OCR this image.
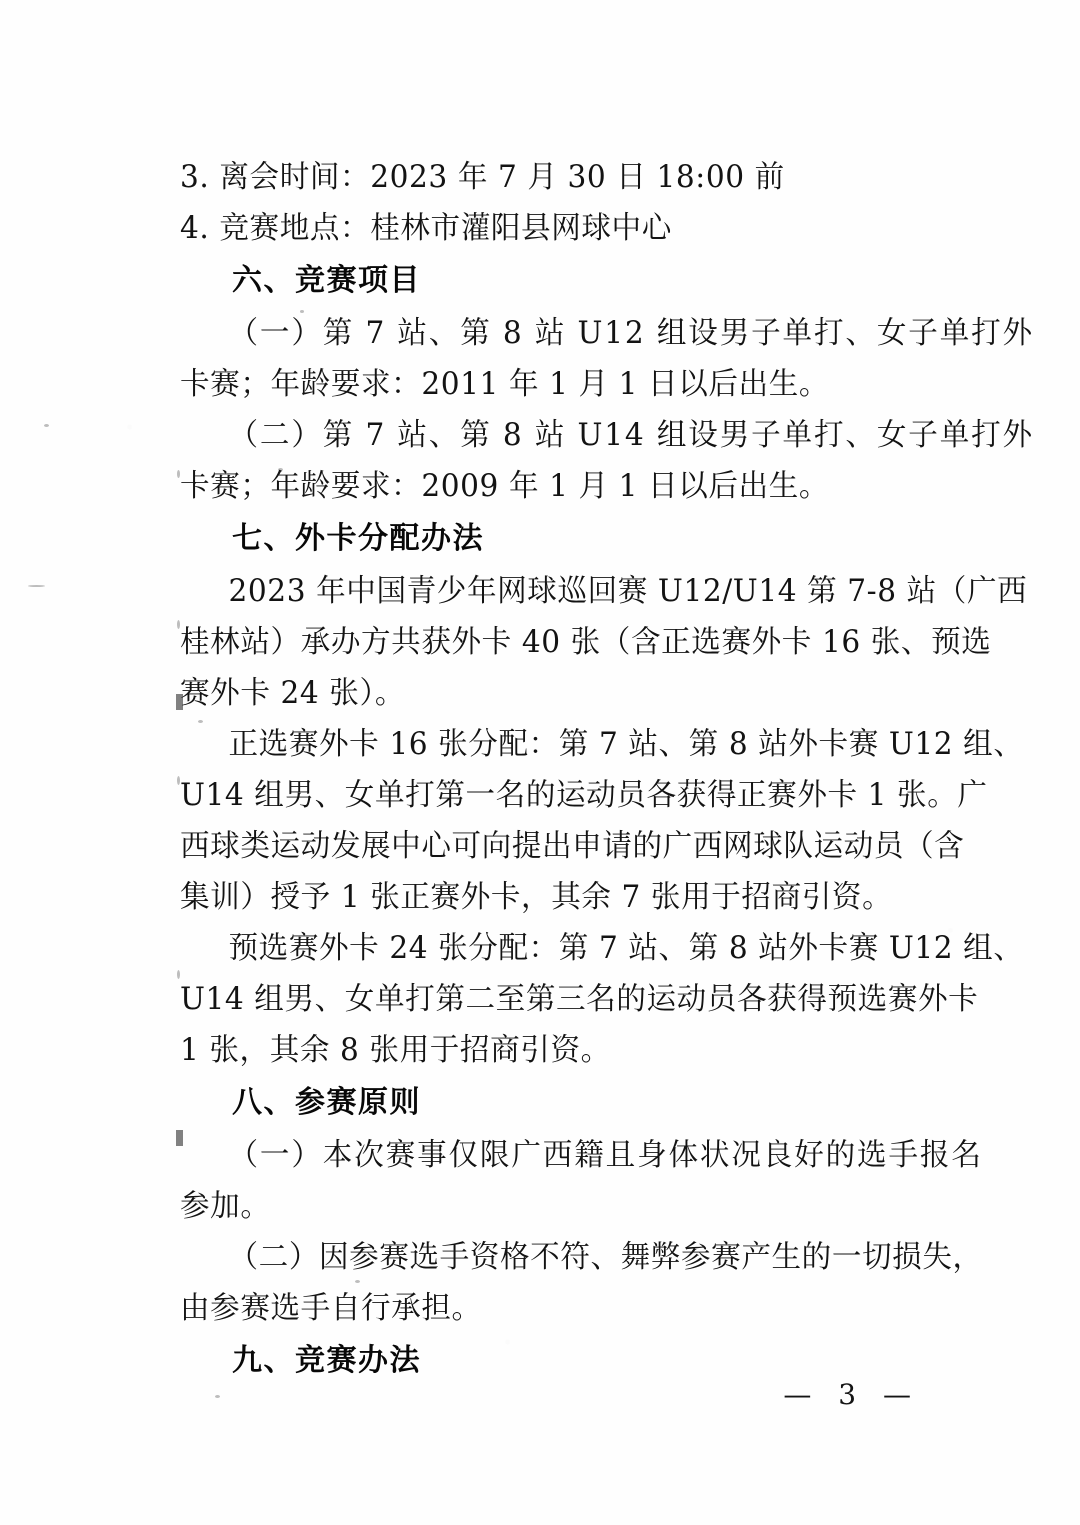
3. 离会时间：2023 年 7 月 30 日 18:00 前
4. 竞赛地点：桂林市灌阳县网球中心
六、竞赛项目
（一）第 7 站、第 8 站 U12 组设男子单打、女子单打外
卡赛；年龄要求：2011 年 1 月 1 日以后出生。
（二）第 7 站、第 8 站 U14 组设男子单打、女子单打外
卡赛；年龄要求：2009 年 1 月 1 日以后出生。
七、外卡分配办法
2023 年中国青少年网球巡回赛 U12/U14 第 7-8 站（广西
桂林站）承办方共获外卡 40 张（含正选赛外卡 16 张、预选
赛外卡 24 张）。
正选赛外卡 16 张分配：第 7 站、第 8 站外卡赛 U12 组、
U14 组男、女单打第一名的运动员各获得正赛外卡 1 张。广
西球类运动发展中心可向提出申请的广西网球队运动员（含
集训）授予 1 张正赛外卡，其余 7 张用于招商引资。
预选赛外卡 24 张分配：第 7 站、第 8 站外卡赛 U12 组、
U14 组男、女单打第二至第三名的运动员各获得预选赛外卡
1 张，其余 8 张用于招商引资。
八、参赛原则
（一）本次赛事仅限广西籍且身体状况良好的选手报名
参加。
（二）因参赛选手资格不符、舞弊参赛产生的一切损失，
由参赛选手自行承担。
九、竞赛办法
— 3 —
